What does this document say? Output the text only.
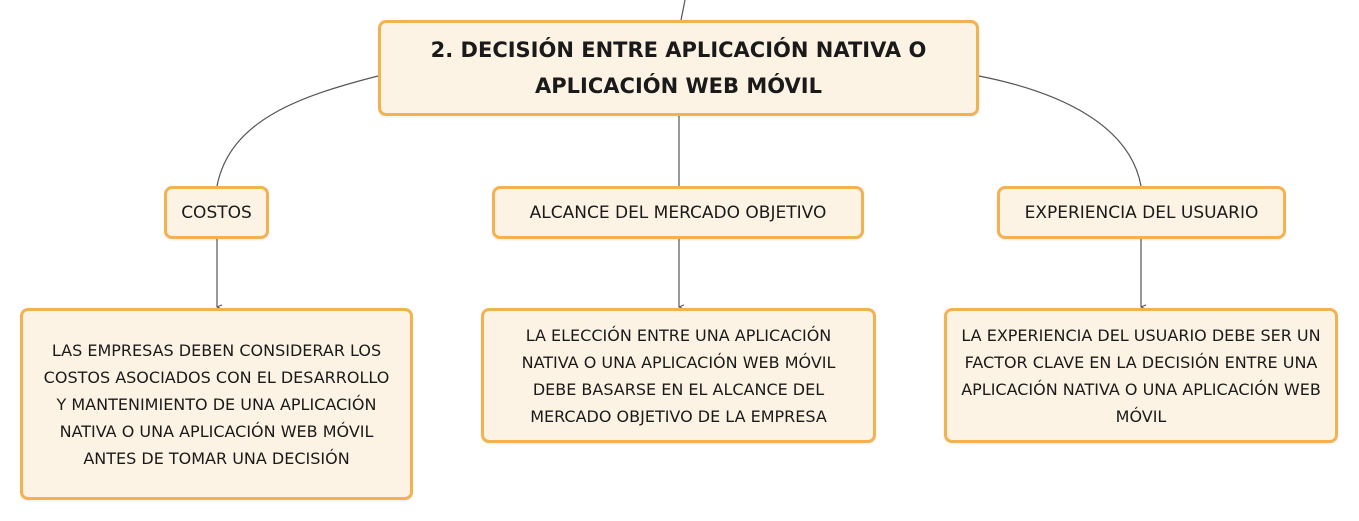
2. DECISIÓN ENTRE APLICACIÓN NATIVA O APLICACIÓN WEB MÓVIL
COSTOS	ALCANCE DEL MERCADO OBJETIVO	EXPERIENCIA DEL USUARIO
LAS EMPRESAS DEBEN CONSIDERAR LOS COSTOS ASOCIADOS CON EL DESARROLLO Y MANTENIMIENTO DE UNA APLICACIÓN NATIVA O UNA APLICACIÓN WEB MÓVIL ANTES DE TOMAR UNA DECISIÓN
LA ELECCIÓN ENTRE UNA APLICACIÓN NATIVA O UNA APLICACIÓN WEB MÓVIL DEBE BASARSE EN EL ALCANCE DEL MERCADO OBJETIVO DE LA EMPRESA
LA EXPERIENCIA DEL USUARIO DEBE SER UN FACTOR CLAVE EN LA DECISIÓN ENTRE UNA APLICACIÓN NATIVA O UNA APLICACIÓN WEB MÓVIL
